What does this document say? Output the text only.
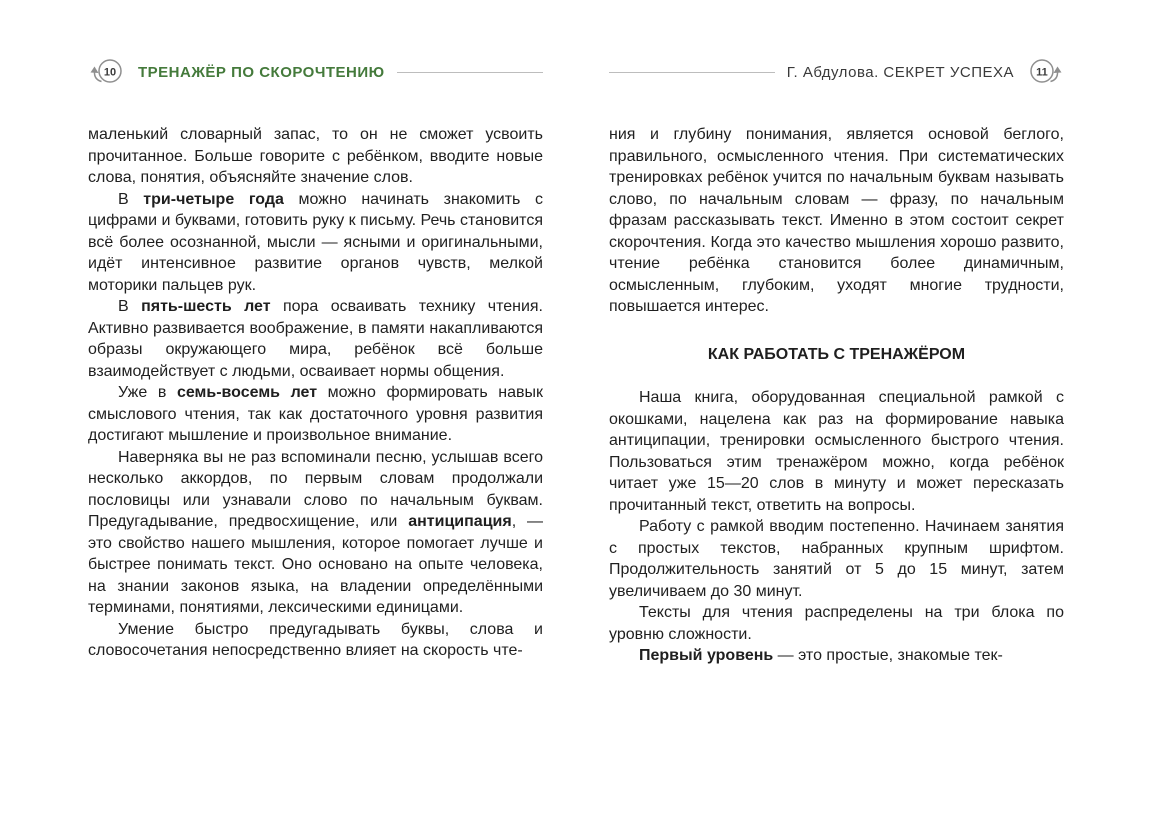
10 ТРЕНАЖЁР ПО СКОРОЧТЕНИЮ

маленький словарный запас, то он не сможет усвоить прочитанное. Больше говорите с ребёнком, вводите новые слова, понятия, объясняйте значение слов.

В три-четыре года можно начинать знакомить с цифрами и буквами, готовить руку к письму. Речь становится всё более осознанной, мысли — ясными и оригинальными, идёт интенсивное развитие органов чувств, мелкой моторики пальцев рук.

В пять-шесть лет пора осваивать технику чтения. Активно развивается воображение, в памяти накапливаются образы окружающего мира, ребёнок всё больше взаимодействует с людьми, осваивает нормы общения.

Уже в семь-восемь лет можно формировать навык смыслового чтения, так как достаточного уровня развития достигают мышление и произвольное внимание.

Наверняка вы не раз вспоминали песню, услышав всего несколько аккордов, по первым словам продолжали пословицы или узнавали слово по начальным буквам. Предугадывание, предвосхищение, или антиципация, — это свойство нашего мышления, которое помогает лучше и быстрее понимать текст. Оно основано на опыте человека, на знании законов языка, на владении определёнными терминами, понятиями, лексическими единицами.

Умение быстро предугадывать буквы, слова и словосочетания непосредственно влияет на скорость чте-

Г. Абдулова. СЕКРЕТ УСПЕХА 11

ния и глубину понимания, является основой беглого, правильного, осмысленного чтения. При систематических тренировках ребёнок учится по начальным буквам называть слово, по начальным словам — фразу, по начальным фразам рассказывать текст. Именно в этом состоит секрет скорочтения. Когда это качество мышления хорошо развито, чтение ребёнка становится более динамичным, осмысленным, глубоким, уходят многие трудности, повышается интерес.

КАК РАБОТАТЬ С ТРЕНАЖЁРОМ

Наша книга, оборудованная специальной рамкой с окошками, нацелена как раз на формирование навыка антиципации, тренировки осмысленного быстрого чтения. Пользоваться этим тренажёром можно, когда ребёнок читает уже 15—20 слов в минуту и может пересказать прочитанный текст, ответить на вопросы.

Работу с рамкой вводим постепенно. Начинаем занятия с простых текстов, набранных крупным шрифтом. Продолжительность занятий от 5 до 15 минут, затем увеличиваем до 30 минут.

Тексты для чтения распределены на три блока по уровню сложности.

Первый уровень — это простые, знакомые тек-
